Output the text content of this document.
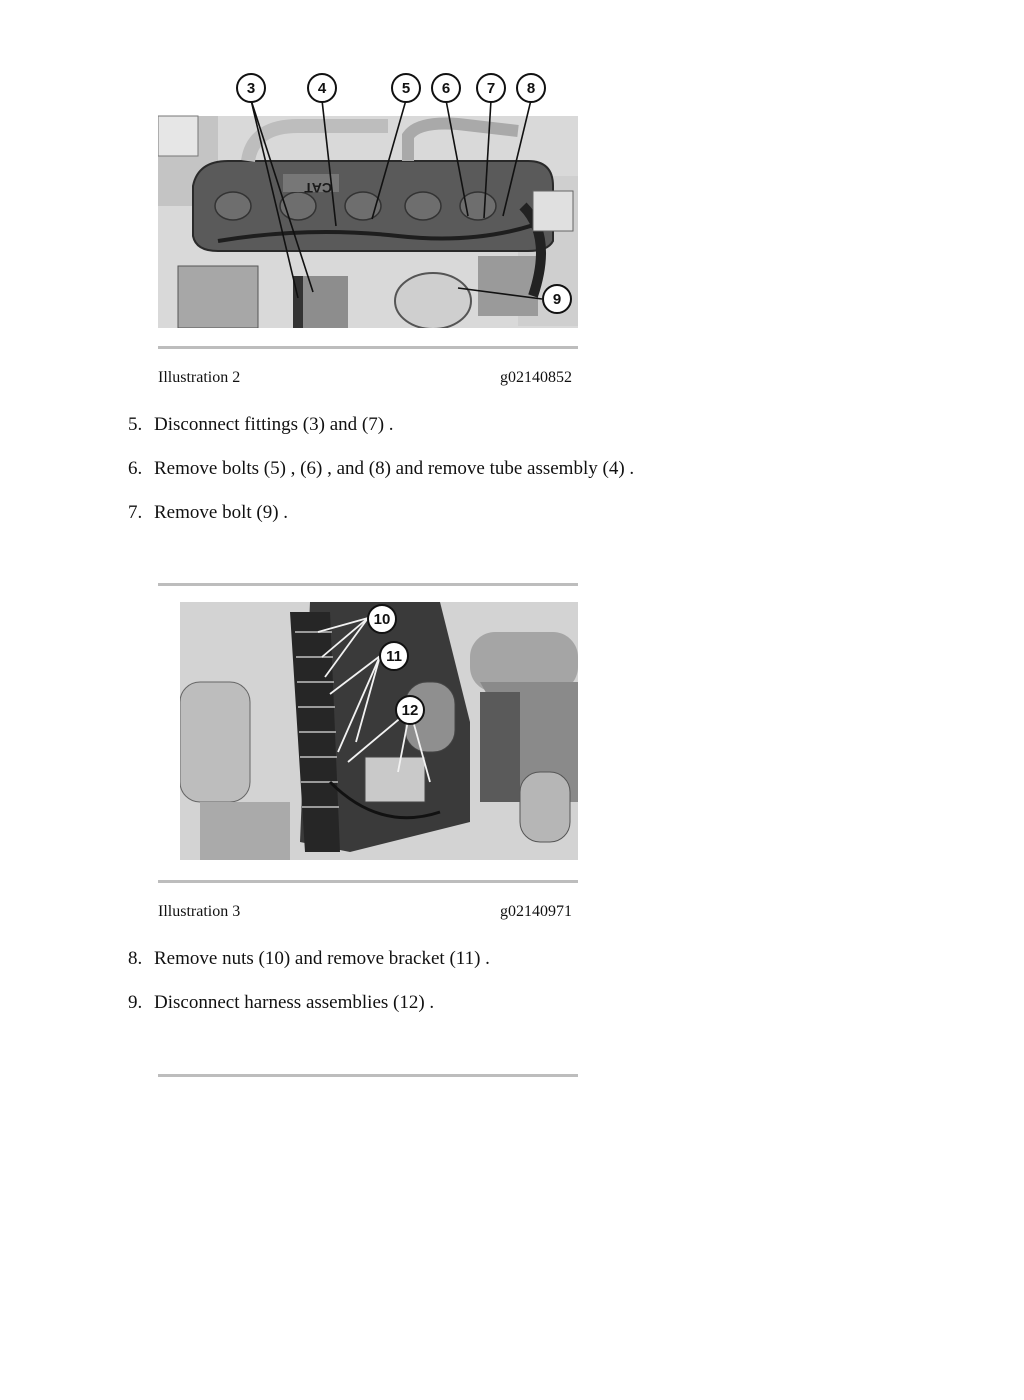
3	4	5 6 7 8
9
CAT
Illustration 2	g02140852
5. Disconnect fittings (3) and (7) .
6. Remove bolts (5) , (6) , and (8) and remove tube assembly (4) .
7. Remove bolt (9) .
10
11
12
Illustration 3	g02140971
8. Remove nuts (10) and remove bracket (11) .
9. Disconnect harness assemblies (12) .
